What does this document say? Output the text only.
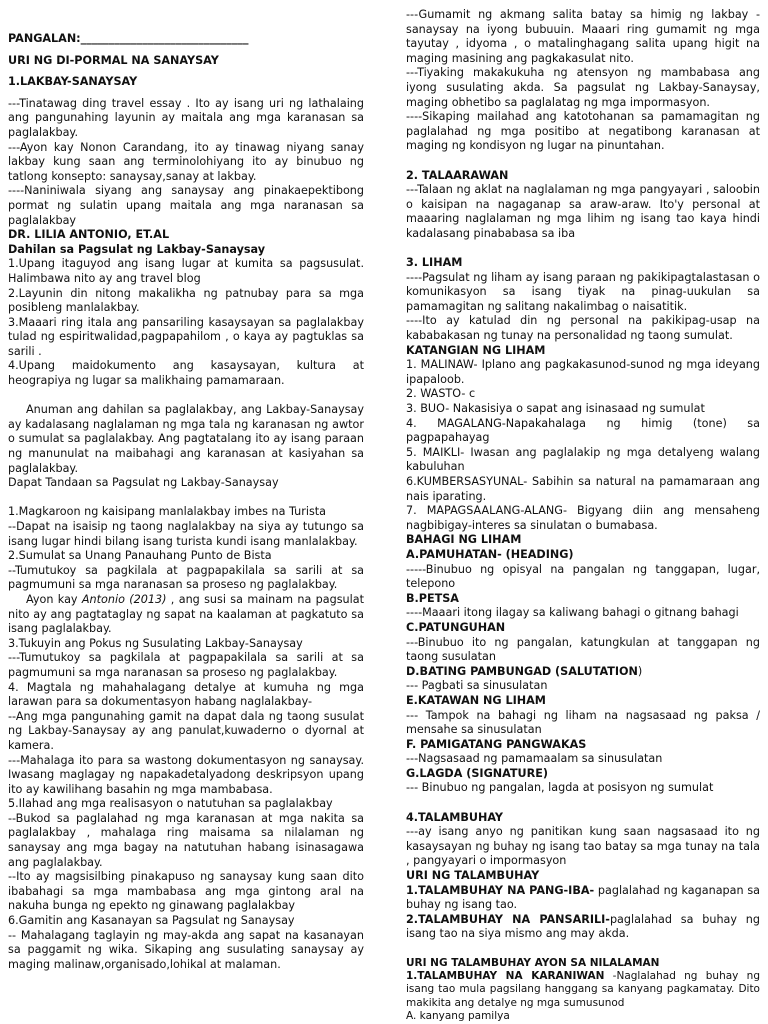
PANGALAN:______________________________

URI NG DI-PORMAL NA SANAYSAY

1.LAKBAY-SANAYSAY

---Tinatawag ding travel essay . Ito ay isang uri ng lathalaing ang pangunahing layunin ay maitala ang mga karanasan sa paglalakbay.

---Ayon kay Nonon Carandang, ito ay tinawag niyang sanay lakbay kung saan ang terminolohiyang ito ay binubuo ng tatlong konsepto: sanaysay,sanay at lakbay.

----Naniniwala siyang ang sanaysay ang pinakaepektibong pormat ng sulatin upang maitala ang mga naranasan sa paglalakbay

DR. LILIA ANTONIO, ET.AL

Dahilan sa Pagsulat ng Lakbay-Sanaysay

1.Upang itaguyod ang isang lugar at kumita sa pagsusulat. Halimbawa nito ay ang travel blog

2.Layunin din nitong makalikha ng patnubay para sa mga posibleng manlalakbay.

3.Maaari ring itala ang pansariling kasaysayan sa paglalakbay tulad ng espiritwalidad,pagpapahilom , o kaya ay pagtuklas sa sarili .

4.Upang maidokumento ang kasaysayan, kultura at heograpiya ng lugar sa malikhaing pamamaraan.

Anuman ang dahilan sa paglalakbay, ang Lakbay-Sanaysay ay kadalasang naglalaman ng mga tala ng karanasan ng awtor o sumulat sa paglalakbay. Ang pagtatalang ito ay isang paraan ng manunulat na maibahagi ang karanasan at kasiyahan sa paglalakbay.

Dapat Tandaan sa Pagsulat ng Lakbay-Sanaysay

1.Magkaroon ng kaisipang manlalakbay imbes na Turista

--Dapat na isaisip ng taong naglalakbay na siya ay tutungo sa isang lugar hindi bilang isang turista kundi isang manlalakbay.

2.Sumulat sa Unang Panauhang Punto de Bista

--Tumutukoy sa pagkilala at pagpapakilala sa sarili at sa pagmumuni sa mga naranasan sa proseso ng paglalakbay.

Ayon kay Antonio (2013) , ang susi sa mainam na pagsulat nito ay ang pagtataglay ng sapat na kaalaman at pagkatuto sa isang paglalakbay.

3.Tukuyin ang Pokus ng Susulating Lakbay-Sanaysay

---Tumutukoy sa pagkilala at pagpapakilala sa sarili at sa pagmumuni sa mga naranasan sa proseso ng paglalakbay.

4. Magtala ng mahahalagang detalye at kumuha ng mga larawan para sa dokumentasyon habang naglalakbay-

--Ang mga pangunahing gamit na dapat dala ng taong susulat ng Lakbay-Sanaysay ay ang panulat,kuwaderno o dyornal at kamera.

---Mahalaga ito para sa wastong dokumentasyon ng sanaysay. Iwasang maglagay ng napakadetalyadong deskripsyon upang ito ay kawilihang basahin ng mga mambabasa.

5.Ilahad ang mga realisasyon o natutuhan sa paglalakbay

--Bukod sa paglalahad ng mga karanasan at mga nakita sa paglalakbay , mahalaga ring maisama sa nilalaman ng sanaysay ang mga bagay na natutuhan habang isinasagawa ang paglalakbay.

--Ito ay magsisilbing pinakapuso ng sanaysay kung saan dito ibabahagi sa mga mambabasa ang mga gintong aral na nakuha bunga ng epekto ng ginawang paglalakbay

6.Gamitin ang Kasanayan sa Pagsulat ng Sanaysay

-- Mahalagang taglayin ng may-akda ang sapat na kasanayan sa paggamit ng wika. Sikaping ang susulating sanaysay ay maging malinaw,organisado,lohikal at malaman.

---Gumamit ng akmang salita batay sa himig ng lakbay -sanaysay na iyong bubuuin. Maaari ring gumamit ng mga tayutay , idyoma , o matalinghagang salita upang higit na maging masining ang pagkakasulat nito.

---Tiyaking makakukuha ng atensyon ng mambabasa ang iyong susulating akda. Sa pagsulat ng Lakbay-Sanaysay, maging obhetibo sa paglalatag ng mga impormasyon.

----Sikaping mailahad ang katotohanan sa pamamagitan ng paglalahad ng mga positibo at negatibong karanasan at maging ng kondisyon ng lugar na pinuntahan.

2. TALAARAWAN

---Talaan ng aklat na naglalaman ng mga pangyayari , saloobin o kaisipan na nagaganap sa araw-araw. Ito'y personal at maaaring naglalaman ng mga lihim ng isang tao kaya hindi kadalasang pinababasa sa iba

3. LIHAM

----Pagsulat ng liham ay isang paraan ng pakikipagtalastasan o komunikasyon sa isang tiyak na pinag-uukulan sa pamamagitan ng salitang nakalimbag o naisatitik.

----Ito ay katulad din ng personal na pakikipag-usap na kababakasan ng tunay na personalidad ng taong sumulat.

KATANGIAN NG LIHAM

1. MALINAW- Iplano ang pagkakasunod-sunod ng mga ideyang ipapaloob.

2. WASTO- c

3. BUO- Nakasisiya o sapat ang isinasaad ng sumulat

4. MAGALANG-Napakahalaga ng himig (tone) sa pagpapahayag

5. MAIKLI- Iwasan ang paglalakip ng mga detalyeng walang kabuluhan

6.KUMBERSASYUNAL- Sabihin sa natural na pamamaraan ang nais iparating.

7. MAPAGSAALANG-ALANG- Bigyang diin ang mensaheng nagbibigay-interes sa sinulatan o bumabasa.

BAHAGI NG LIHAM

A.PAMUHATAN- (HEADING)

-----Binubuo ng opisyal na pangalan ng tanggapan, lugar, telepono

B.PETSA

----Maaari itong ilagay sa kaliwang bahagi o gitnang bahagi

C.PATUNGUHAN

---Binubuo ito ng pangalan, katungkulan at tanggapan ng taong susulatan

D.BATING PAMBUNGAD (SALUTATION)

--- Pagbati sa sinusulatan

E.KATAWAN NG LIHAM

--- Tampok na bahagi ng liham na nagsasaad ng paksa / mensahe sa sinusulatan

F. PAMIGATANG PANGWAKAS

---Nagsasaad ng pamamaalam sa sinusulatan

G.LAGDA (SIGNATURE)

--- Binubuo ng pangalan, lagda at posisyon ng sumulat

4.TALAMBUHAY

---ay isang anyo ng panitikan kung saan nagsasaad ito ng kasaysayan ng buhay ng isang tao batay sa mga tunay na tala , pangyayari o impormasyon

URI NG TALAMBUHAY

1.TALAMBUHAY NA PANG-IBA- paglalahad ng kaganapan sa buhay ng isang tao.

2.TALAMBUHAY NA PANSARILI-paglalahad sa buhay ng isang tao na siya mismo ang may akda.

URI NG TALAMBUHAY AYON SA NILALAMAN

1.TALAMBUHAY NA KARANIWAN -Naglalahad ng buhay ng isang tao mula pagsilang hanggang sa kanyang pagkamatay. Dito makikita ang detalye ng mga sumusunod

A. kanyang pamilya
